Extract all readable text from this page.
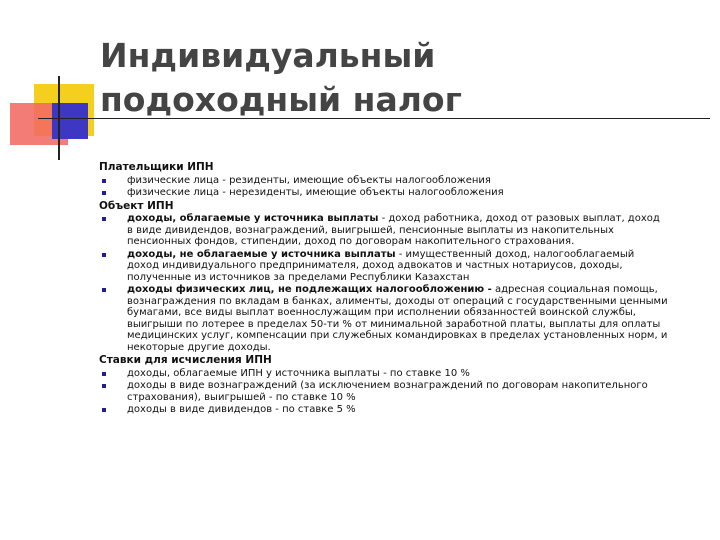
Индивидуальный
подоходный налог
Плательщики ИПН
физические лица - резиденты, имеющие объекты налогообложения
физические лица - нерезиденты, имеющие объекты налогообложения
Объект ИПН
доходы, облагаемые у источника выплаты - доход работника, доход от разовых выплат, доход
в виде дивидендов, вознаграждений, выигрышей, пенсионные выплаты из накопительных
пенсионных фондов, стипендии, доход по договорам накопительного страхования.
доходы, не облагаемые у источника выплаты - имущественный доход, налогооблагаемый
доход индивидуального предпринимателя, доход адвокатов и частных нотариусов, доходы,
полученные из источников за пределами Республики Казахстан
доходы физических лиц, не подлежащих налогообложению - адресная социальная помощь,
вознаграждения по вкладам в банках, алименты, доходы от операций с государственными ценными
бумагами, все виды выплат военнослужащим при исполнении обязанностей воинской службы,
выигрыши по лотерее в пределах 50-ти % от минимальной заработной платы, выплаты для оплаты
медицинских услуг, компенсации при служебных командировках в пределах установленных норм, и
некоторые другие доходы.
Ставки для исчисления ИПН
доходы, облагаемые ИПН у источника выплаты - по ставке 10 %
доходы в виде вознаграждений (за исключением вознаграждений по договорам накопительного
страхования), выигрышей - по ставке 10 %
доходы в виде дивидендов - по ставке 5 %
